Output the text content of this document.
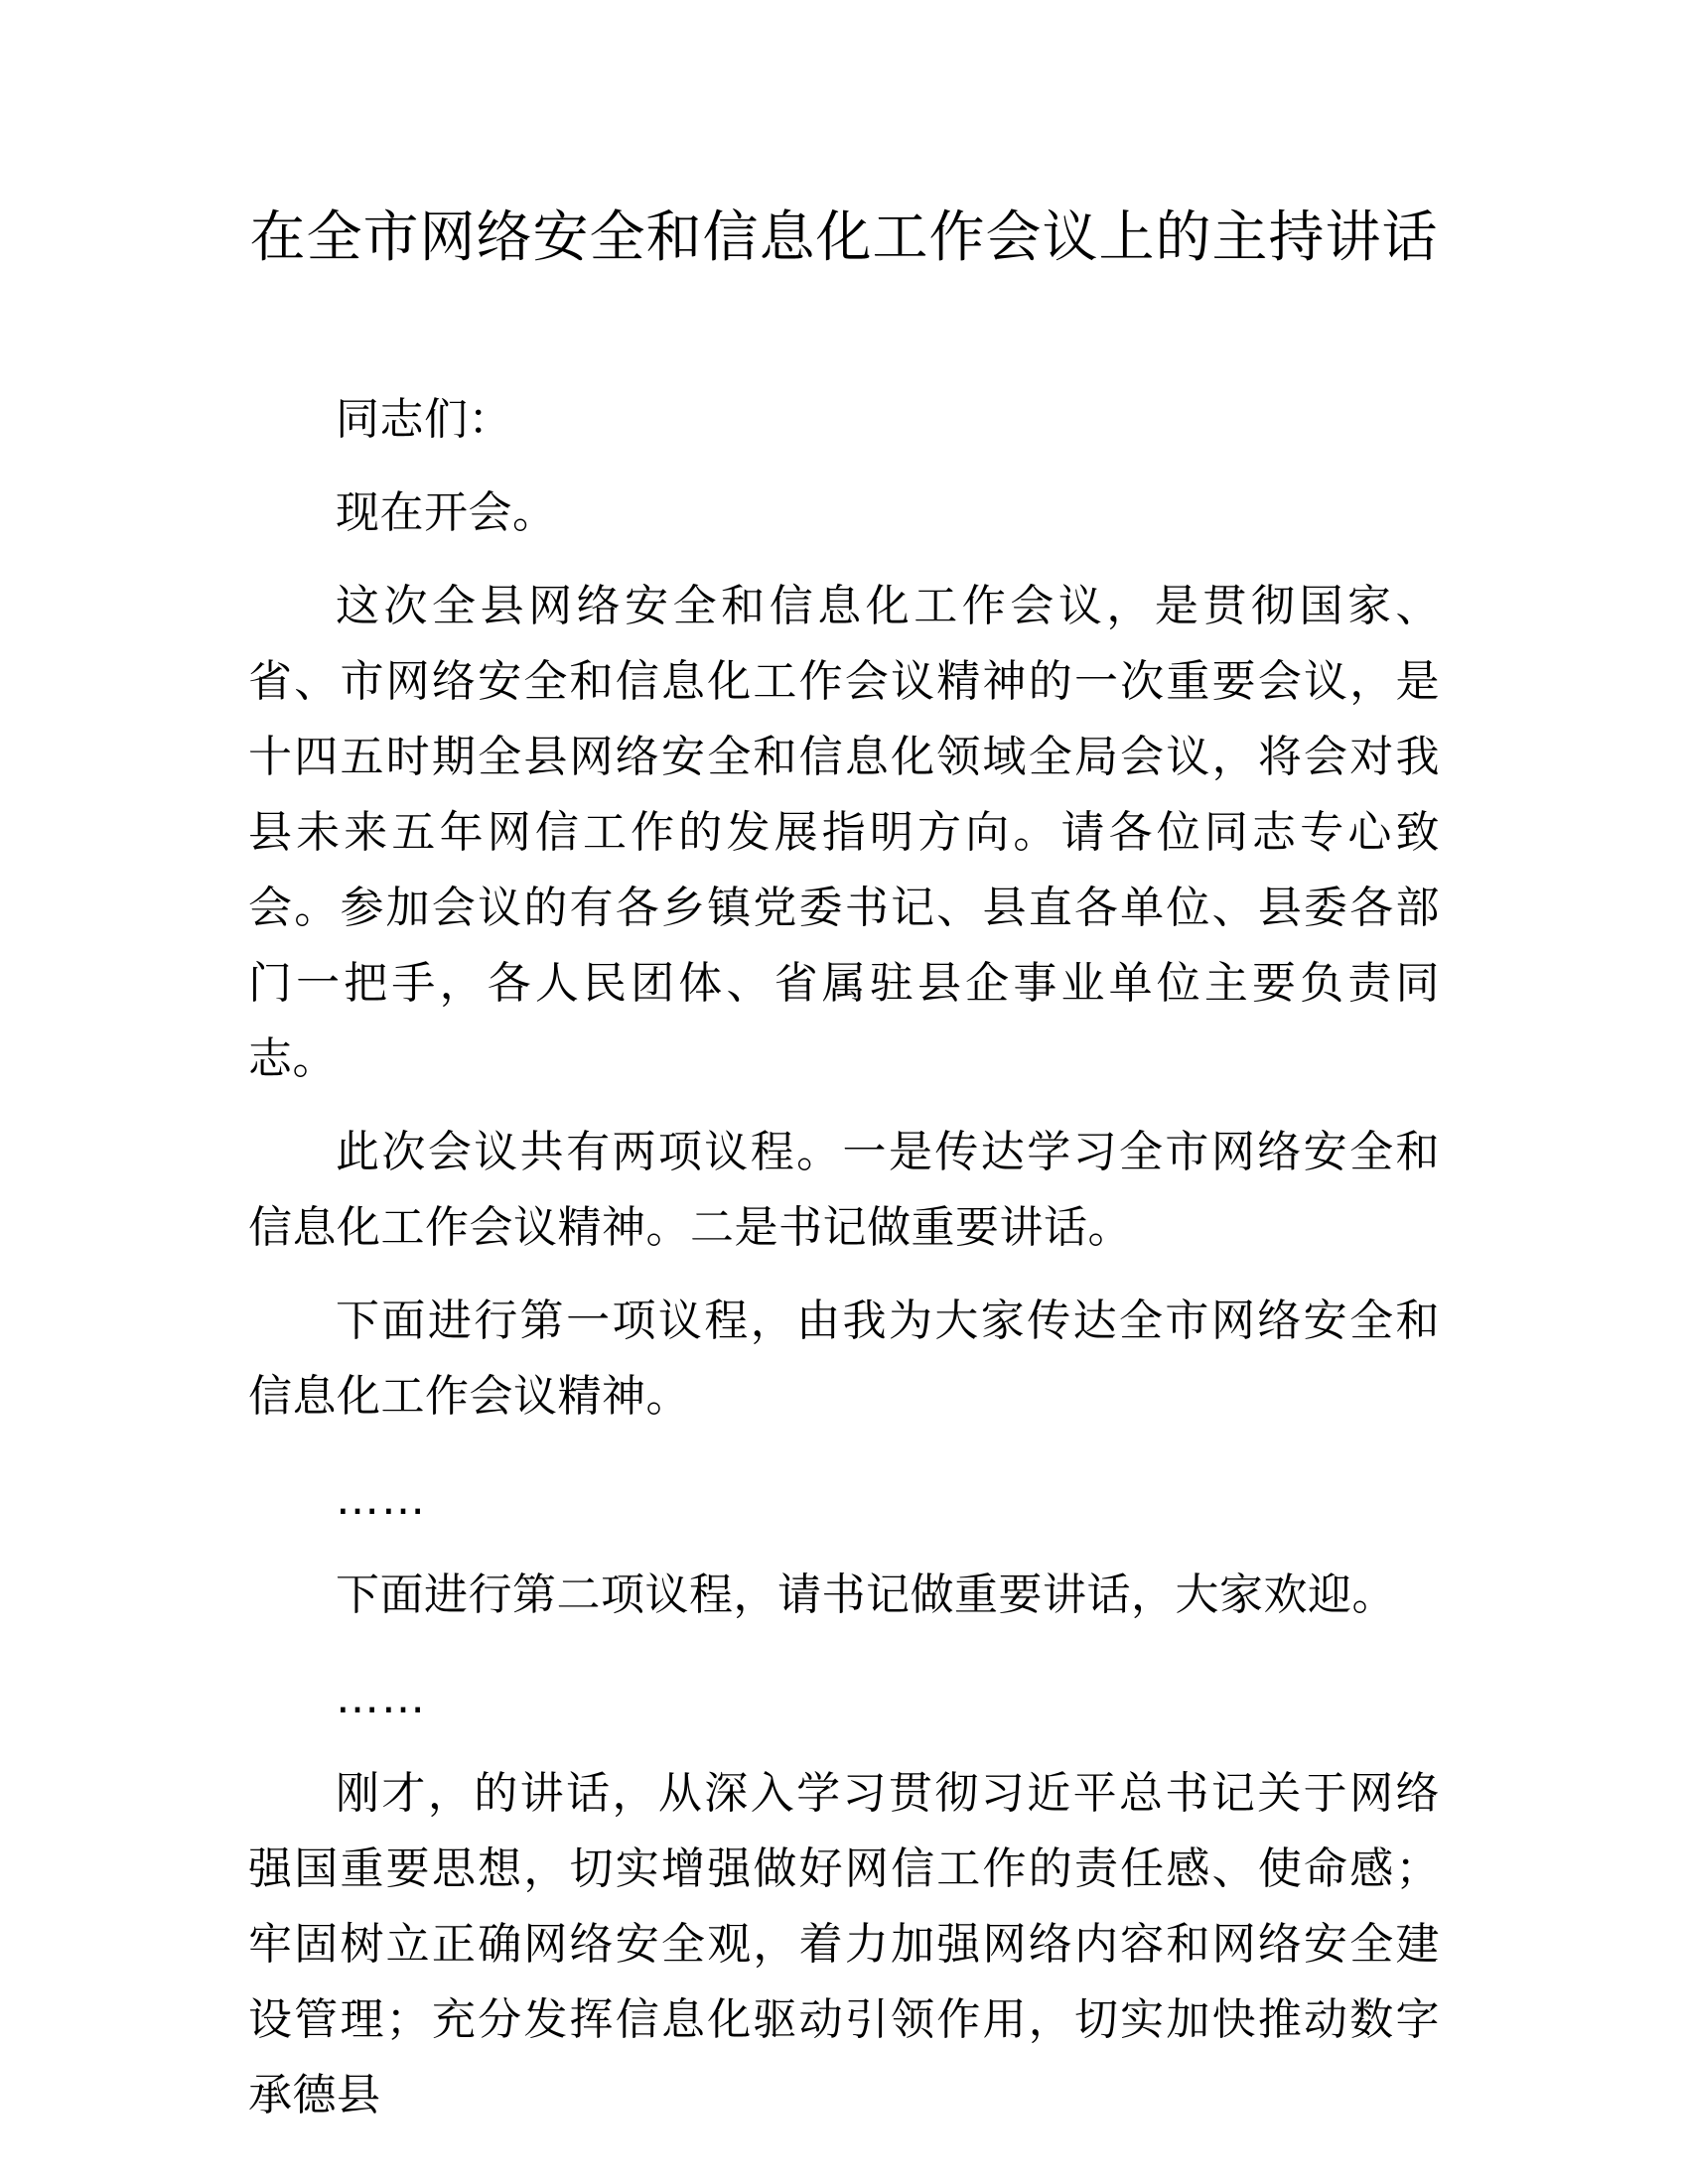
在全市网络安全和信息化工作会议上的主持讲话

同志们：

现在开会。

这次全县网络安全和信息化工作会议，是贯彻国家、省、市网络安全和信息化工作会议精神的一次重要会议，是十四五时期全县网络安全和信息化领域全局会议，将会对我县未来五年网信工作的发展指明方向。请各位同志专心致会。参加会议的有各乡镇党委书记、县直各单位、县委各部门一把手，各人民团体、省属驻县企事业单位主要负责同志。

此次会议共有两项议程。一是传达学习全市网络安全和信息化工作会议精神。二是书记做重要讲话。

下面进行第一项议程，由我为大家传达全市网络安全和信息化工作会议精神。

……

下面进行第二项议程，请书记做重要讲话，大家欢迎。

……

刚才，的讲话，从深入学习贯彻习近平总书记关于网络强国重要思想，切实增强做好网信工作的责任感、使命感；牢固树立正确网络安全观，着力加强网络内容和网络安全建设管理；充分发挥信息化驱动引领作用，切实加快推动数字承德县
